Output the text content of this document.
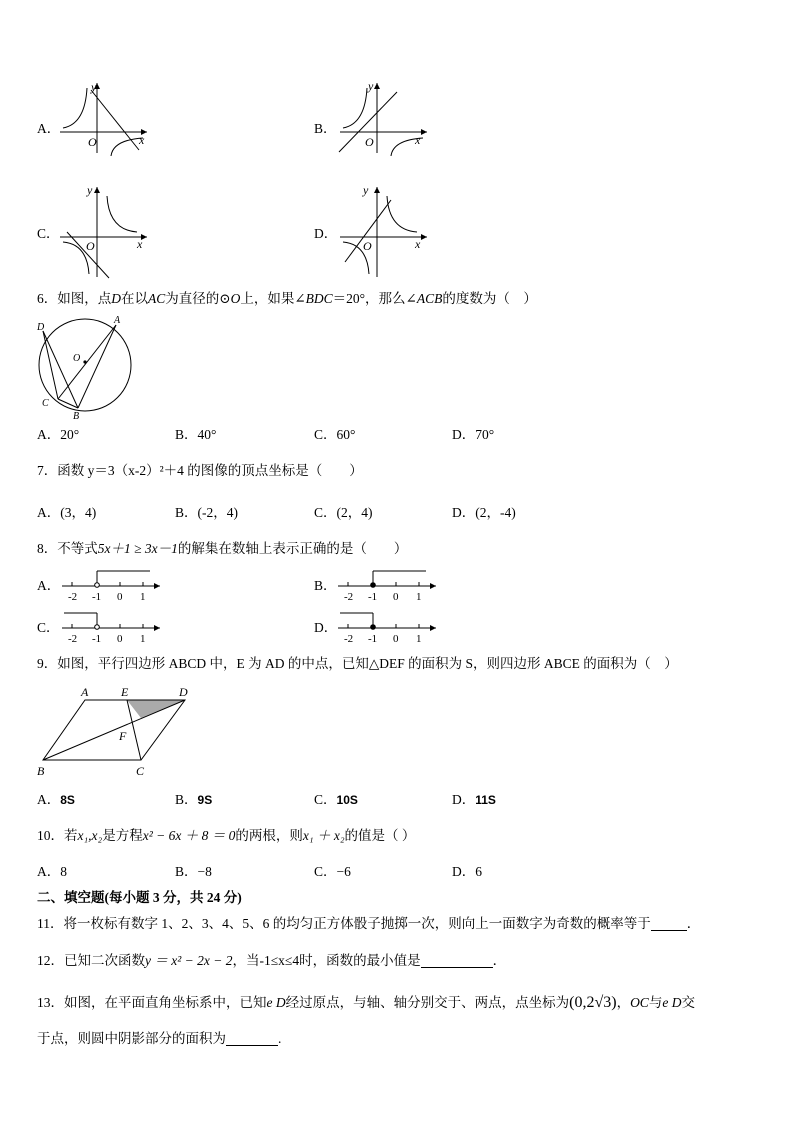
A．
y
x
O
B．
y
x
O
C．
y
x
O
D．
y
x
O
6．如图，点D在以AC为直径的⊙O上，如果∠BDC＝20°，那么∠ACB的度数为（　）
D
A
O
C
B
A．20°	B．40°	C．60°	D．70°
7．函数 y＝3（x-2）²＋4 的图像的顶点坐标是（　　）
A．(3，4)	B．(-2，4)	C．(2，4)	D．(2，-4)
8．不等式5x＋1 ≥ 3x－1的解集在数轴上表示正确的是（　　）
A．
-2 -1 0 1
B．
-2 -1 0 1
C．
-2 -1 0 1
D．
-2 -1 0 1
9．如图，平行四边形 ABCD 中，E 为 AD 的中点，已知△DEF 的面积为 S，则四边形 ABCE 的面积为（　）
A	E	D
F
B	C
A．8S	B．9S	C．10S	D．11S
10．若x₁,x₂是方程x² − 6x ＋ 8 ＝ 0的两根，则x₁ ＋ x₂的值是（ ）
A．8	B．−8	C．−6	D．6
二、填空题(每小题 3 分，共 24 分)
11．将一枚标有数字 1、2、3、4、5、6 的均匀正方体骰子抛掷一次，则向上一面数字为奇数的概率等于	．
12．已知二次函数y ＝ x² − 2x − 2，当-1≤x≤4时，函数的最小值是	．
13．如图，在平面直角坐标系中，已知e D经过原点，与轴、轴分别交于、两点，点坐标为(0,2√3)，OC与e D交
于点，则圆中阴影部分的面积为	.
